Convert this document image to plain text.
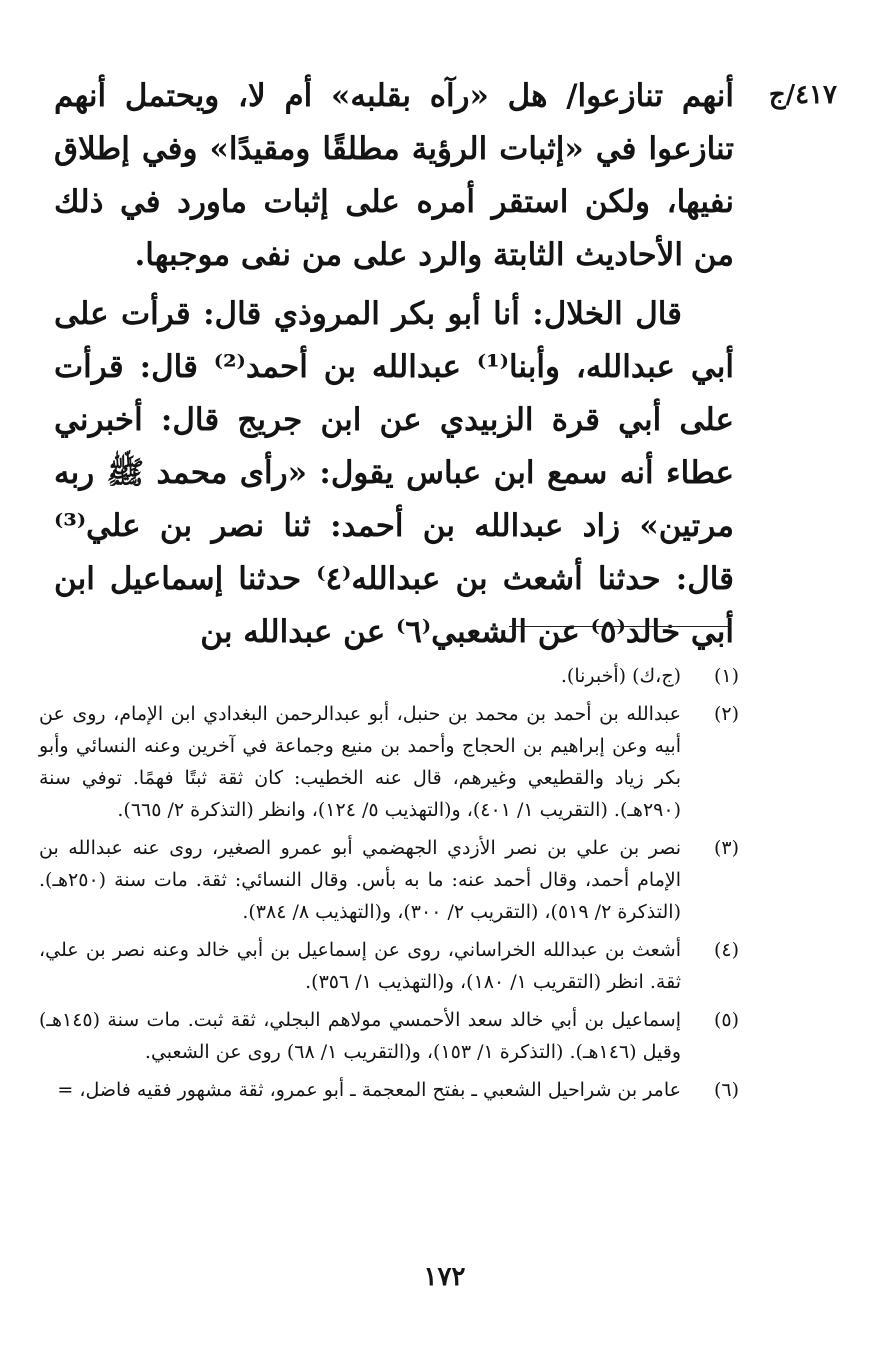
٤١٧/ج

أنهم تنازعوا/ هل «رآه بقلبه» أم لا، ويحتمل أنهم تنازعوا في «إثبات الرؤية مطلقًا ومقيدًا» وفي إطلاق نفيها، ولكن استقر أمره على إثبات ماورد في ذلك من الأحاديث الثابتة والرد على من نفى موجبها.

قال الخلال: أنا أبو بكر المروذي قال: قرأت على أبي عبدالله، وأبنا⁽¹⁾ عبدالله بن أحمد⁽²⁾ قال: قرأت على أبي قرة الزبيدي عن ابن جريج قال: أخبرني عطاء أنه سمع ابن عباس يقول: «رأى محمد ﷺ ربه مرتين» زاد عبدالله بن أحمد: ثنا نصر بن علي⁽³⁾ قال: حدثنا أشعث بن عبدالله⁽٤⁾ حدثنا إسماعيل ابن أبي خالد⁽٥⁾ عن الشعبي⁽٦⁾ عن عبدالله بن

(١)
(ج،ك) (أخبرنا).
(٢)
عبدالله بن أحمد بن محمد بن حنبل، أبو عبدالرحمن البغدادي ابن الإمام، روى عن أبيه وعن إبراهيم بن الحجاج وأحمد بن منيع وجماعة في آخرين وعنه النسائي وأبو بكر زياد والقطيعي وغيرهم، قال عنه الخطيب: كان ثقة ثبتًا فهمًا. توفي سنة (٢٩٠هـ). (التقريب ١/ ٤٠١)، و(التهذيب ٥/ ١٢٤)، وانظر (التذكرة ٢/ ٦٦٥).
(٣)
نصر بن علي بن نصر الأزدي الجهضمي أبو عمرو الصغير، روى عنه عبدالله بن الإمام أحمد، وقال أحمد عنه: ما به بأس. وقال النسائي: ثقة. مات سنة (٢٥٠هـ). (التذكرة ٢/ ٥١٩)، (التقريب ٢/ ٣٠٠)، و(التهذيب ٨/ ٣٨٤).
(٤)
أشعث بن عبدالله الخراساني، روى عن إسماعيل بن أبي خالد وعنه نصر بن علي، ثقة. انظر (التقريب ١/ ١٨٠)، و(التهذيب ١/ ٣٥٦).
(٥)
إسماعيل بن أبي خالد سعد الأحمسي مولاهم البجلي، ثقة ثبت. مات سنة (١٤٥هـ) وقيل (١٤٦هـ). (التذكرة ١/ ١٥٣)، و(التقريب ١/ ٦٨) روى عن الشعبي.
(٦)
عامر بن شراحيل الشعبي ـ بفتح المعجمة ـ أبو عمرو، ثقة مشهور فقيه فاضل، =
١٧٢
